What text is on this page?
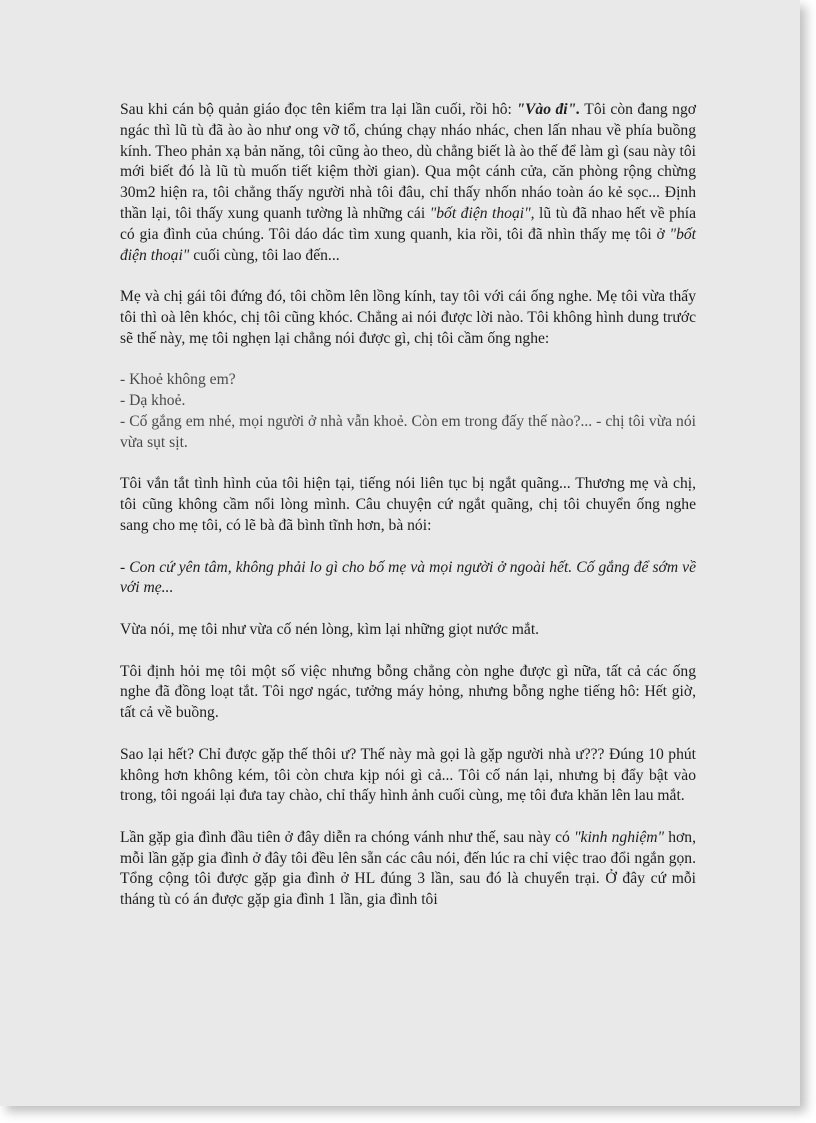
Sau khi cán bộ quản giáo đọc tên kiểm tra lại lần cuối, rồi hô: "Vào đi". Tôi còn đang ngơ ngác thì lũ tù đã ào ào như ong vỡ tổ, chúng chạy nháo nhác, chen lấn nhau về phía buồng kính. Theo phản xạ bản năng, tôi cũng ào theo, dù chẳng biết là ào thế để làm gì (sau này tôi mới biết đó là lũ tù muốn tiết kiệm thời gian). Qua một cánh cửa, căn phòng rộng chừng 30m2 hiện ra, tôi chẳng thấy người nhà tôi đâu, chỉ thấy nhốn nháo toàn áo kẻ sọc... Định thần lại, tôi thấy xung quanh tường là những cái "bốt điện thoại", lũ tù đã nhao hết về phía có gia đình của chúng. Tôi dáo dác tìm xung quanh, kia rồi, tôi đã nhìn thấy mẹ tôi ở "bốt điện thoại" cuối cùng, tôi lao đến...

Mẹ và chị gái tôi đứng đó, tôi chồm lên lồng kính, tay tôi với cái ống nghe. Mẹ tôi vừa thấy tôi thì oà lên khóc, chị tôi cũng khóc. Chẳng ai nói được lời nào. Tôi không hình dung trước sẽ thế này, mẹ tôi nghẹn lại chẳng nói được gì, chị tôi cầm ống nghe:

- Khoẻ không em?

- Dạ khoẻ.

- Cố gắng em nhé, mọi người ở nhà vẫn khoẻ. Còn em trong đấy thế nào?... - chị tôi vừa nói vừa sụt sịt.

Tôi vắn tắt tình hình của tôi hiện tại, tiếng nói liên tục bị ngắt quãng... Thương mẹ và chị, tôi cũng không cầm nổi lòng mình. Câu chuyện cứ ngắt quãng, chị tôi chuyển ống nghe sang cho mẹ tôi, có lẽ bà đã bình tĩnh hơn, bà nói:

- Con cứ yên tâm, không phải lo gì cho bố mẹ và mọi người ở ngoài hết. Cố gắng để sớm về với mẹ...

Vừa nói, mẹ tôi như vừa cố nén lòng, kìm lại những giọt nước mắt.

Tôi định hỏi mẹ tôi một số việc nhưng bỗng chẳng còn nghe được gì nữa, tất cả các ống nghe đã đồng loạt tắt. Tôi ngơ ngác, tưởng máy hỏng, nhưng bỗng nghe tiếng hô: Hết giờ, tất cả về buồng.

Sao lại hết? Chỉ được gặp thế thôi ư? Thế này mà gọi là gặp người nhà ư??? Đúng 10 phút không hơn không kém, tôi còn chưa kịp nói gì cả... Tôi cố nán lại, nhưng bị đẩy bật vào trong, tôi ngoái lại đưa tay chào, chỉ thấy hình ảnh cuối cùng, mẹ tôi đưa khăn lên lau mắt.

Lần gặp gia đình đầu tiên ở đây diễn ra chóng vánh như thế, sau này có "kinh nghiệm" hơn, mỗi lần gặp gia đình ở đây tôi đều lên sẵn các câu nói, đến lúc ra chỉ việc trao đổi ngắn gọn. Tổng cộng tôi được gặp gia đình ở HL đúng 3 lần, sau đó là chuyển trại. Ở đây cứ mỗi tháng tù có án được gặp gia đình 1 lần, gia đình tôi
